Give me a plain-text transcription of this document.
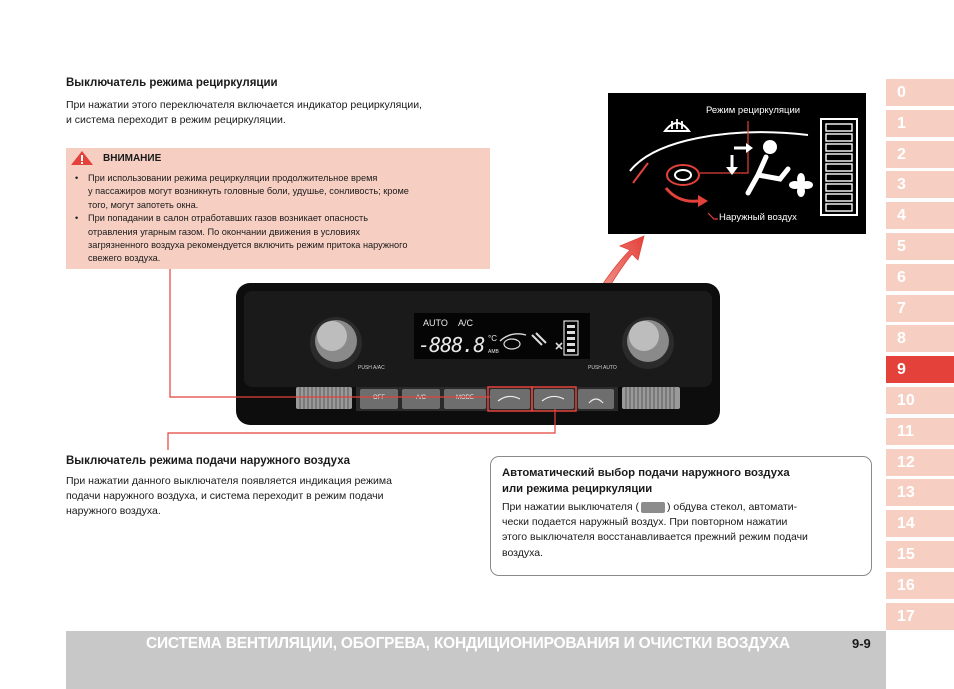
Выключатель режима рециркуляции
При нажатии этого переключателя включается индикатор рециркуляции,
и система переходит в режим рециркуляции.
ВНИМАНИЕ
• При использовании режима рециркуляции продолжительное время
у пассажиров могут возникнуть головные боли, удушье, сонливость; кроме
того, могут запотеть окна.
• При попадании в салон отработавших газов возникает опасность
отравления угарным газом. По окончании движения в условиях
загрязненного воздуха рекомендуется включить режим притока наружного
свежего воздуха.
Режим рециркуляции
Наружный воздух
AUTO A/C
-888.8 °C
AMB
PUSH A/AC	PUSH AUTO
OFF	A/C	MODE
Выключатель режима подачи наружного воздуха
При нажатии данного выключателя появляется индикация режима
подачи наружного воздуха, и система переходит в режим подачи
наружного воздуха.
Автоматический выбор подачи наружного воздуха
или режима рециркуляции
При нажатии выключателя (	) обдува стекол, автомати-
чески подается наружный воздух. При повторном нажатии
этого выключателя восстанавливается прежний режим подачи
воздуха.
0
1
2
3
4
5
6
7
8
9
10
11
12
13
14
15
16
17
СИСТЕМА ВЕНТИЛЯЦИИ, ОБОГРЕВА, КОНДИЦИОНИРОВАНИЯ И ОЧИСТКИ ВОЗДУХА	9-9
